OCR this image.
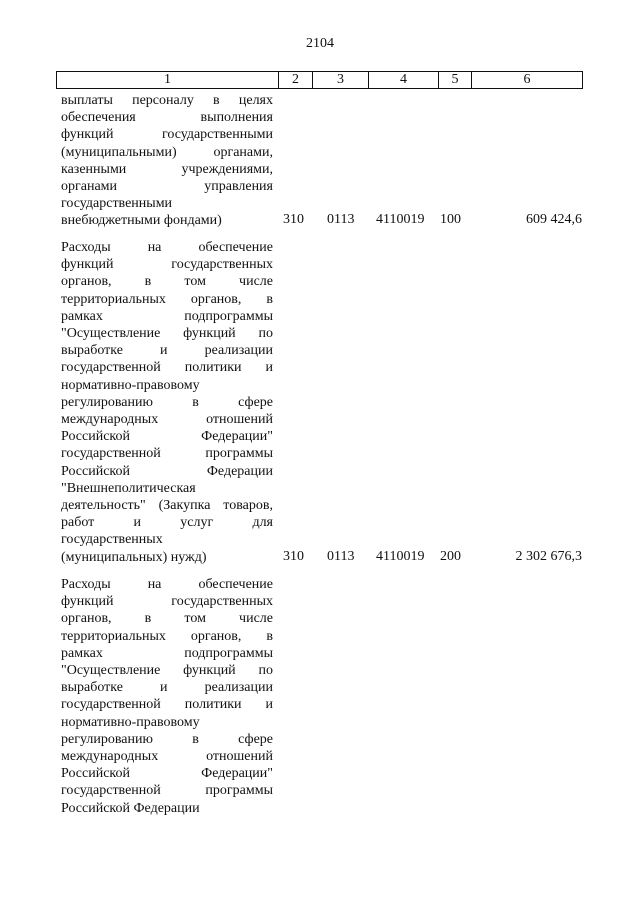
2104
1	2	3	4	5	6
выплаты персоналу в целях
обеспечения выполнения
функций государственными
(муниципальными) органами,
казенными учреждениями,
органами управления
государственными
внебюджетными фондами)	310 0113 4110019 100	609 424,6
Расходы на обеспечение
функций государственных
органов, в том числе
территориальных органов, в
рамках подпрограммы
"Осуществление функций по
выработке и реализации
государственной политики и
нормативно-правовому
регулированию в сфере
международных отношений
Российской Федерации"
государственной программы
Российской Федерации
"Внешнеполитическая
деятельность" (Закупка товаров,
работ и услуг для
государственных
(муниципальных) нужд)	310 0113 4110019 200	2 302 676,3
Расходы на обеспечение
функций государственных
органов, в том числе
территориальных органов, в
рамках подпрограммы
"Осуществление функций по
выработке и реализации
государственной политики и
нормативно-правовому
регулированию в сфере
международных отношений
Российской Федерации"
государственной программы
Российской Федерации
